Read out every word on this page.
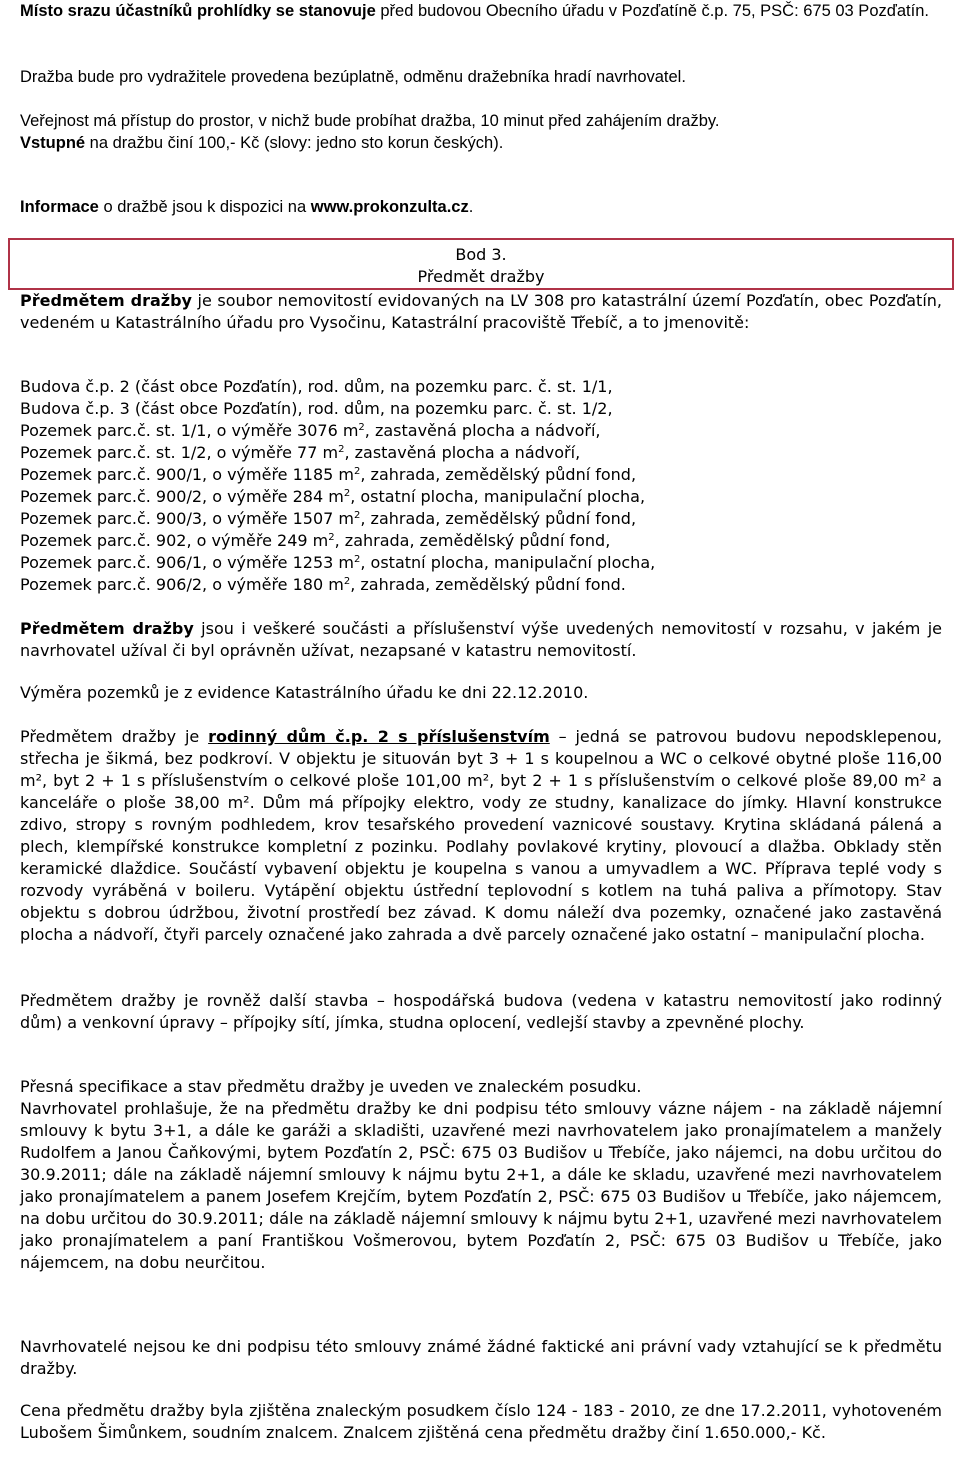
Místo srazu účastníků prohlídky se stanovuje před budovou Obecního úřadu v Pozďatíně č.p. 75, PSČ: 675 03 Pozďatín.

Dražba bude pro vydražitele provedena bezúplatně, odměnu dražebníka hradí navrhovatel.

Veřejnost má přístup do prostor, v nichž bude probíhat dražba, 10 minut před zahájením dražby.

Vstupné na dražbu činí 100,- Kč (slovy: jedno sto korun českých).

Informace o dražbě jsou k dispozici na www.prokonzulta.cz.

Bod 3.
Předmět dražby

Předmětem dražby je soubor nemovitostí evidovaných na LV 308 pro katastrální území Pozďatín, obec Pozďatín, vedeném u Katastrálního úřadu pro Vysočinu, Katastrální pracoviště Třebíč, a to jmenovitě:

Budova č.p. 2 (část obce Pozďatín), rod. dům, na pozemku parc. č. st. 1/1,

Budova č.p. 3 (část obce Pozďatín), rod. dům, na pozemku parc. č. st. 1/2,

Pozemek parc.č. st. 1/1, o výměře 3076 $m^2$, zastavěná plocha a nádvoří,

Pozemek parc.č. st. 1/2, o výměře 77 $m^2$, zastavěná plocha a nádvoří,

Pozemek parc.č. 900/1, o výměře 1185 $m^2$, zahrada, zemědělský půdní fond,

Pozemek parc.č. 900/2, o výměře 284 $m^2$, ostatní plocha, manipulační plocha,

Pozemek parc.č. 900/3, o výměře 1507 $m^2$, zahrada, zemědělský půdní fond,

Pozemek parc.č. 902, o výměře 249 $m^2$, zahrada, zemědělský půdní fond,

Pozemek parc.č. 906/1, o výměře 1253 $m^2$, ostatní plocha, manipulační plocha,

Pozemek parc.č. 906/2, o výměře 180 $m^2$, zahrada, zemědělský půdní fond.

Předmětem dražby jsou i veškeré součásti a příslušenství výše uvedených nemovitostí v rozsahu, v jakém je navrhovatel užíval či byl oprávněn užívat, nezapsané v katastru nemovitostí.

Výměra pozemků je z evidence Katastrálního úřadu ke dni 22.12.2010.

Předmětem dražby je rodinný dům č.p. 2 s příslušenstvím – jedná se patrovou budovu nepodsklepenou, střecha je šikmá, bez podkroví. V objektu je situován byt 3 + 1 s koupelnou a WC o celkové obytné ploše 116,00 m², byt 2 + 1 s příslušenstvím o celkové ploše 101,00 m², byt 2 + 1 s příslušenstvím o celkové ploše 89,00 m² a kanceláře o ploše 38,00 m². Dům má přípojky elektro, vody ze studny, kanalizace do jímky. Hlavní konstrukce zdivo, stropy s rovným podhledem, krov tesařského provedení vaznicové soustavy. Krytina skládaná pálená a plech, klempířské konstrukce kompletní z pozinku. Podlahy povlakové krytiny, plovoucí a dlažba. Obklady stěn keramické dlaždice. Součástí vybavení objektu je koupelna s vanou a umyvadlem a WC. Příprava teplé vody s rozvody vyráběná v boileru. Vytápění objektu ústřední teplovodní s kotlem na tuhá paliva a přímotopy. Stav objektu s dobrou údržbou, životní prostředí bez závad. K domu náleží dva pozemky, označené jako zastavěná plocha a nádvoří, čtyři parcely označené jako zahrada a dvě parcely označené jako ostatní – manipulační plocha.

Předmětem dražby je rovněž další stavba – hospodářská budova (vedena v katastru nemovitostí jako rodinný dům) a venkovní úpravy – přípojky sítí, jímka, studna oplocení, vedlejší stavby a zpevněné plochy.

Přesná specifikace a stav předmětu dražby je uveden ve znaleckém posudku.

Navrhovatel prohlašuje, že na předmětu dražby ke dni podpisu této smlouvy vázne nájem - na základě nájemní smlouvy k bytu 3+1, a dále ke garáži a skladišti, uzavřené mezi navrhovatelem jako pronajímatelem a manžely Rudolfem a Janou Čaňkovými, bytem Pozďatín 2, PSČ: 675 03 Budišov u Třebíče, jako nájemci, na dobu určitou do 30.9.2011; dále na základě nájemní smlouvy k nájmu bytu 2+1, a dále ke skladu, uzavřené mezi navrhovatelem jako pronajímatelem a panem Josefem Krejčím, bytem Pozďatín 2, PSČ: 675 03 Budišov u Třebíče, jako nájemcem, na dobu určitou do 30.9.2011; dále na základě nájemní smlouvy k nájmu bytu 2+1, uzavřené mezi navrhovatelem jako pronajímatelem a paní Františkou Vošmerovou, bytem Pozďatín 2, PSČ: 675 03 Budišov u Třebíče, jako nájemcem, na dobu neurčitou.

Navrhovatelé nejsou ke dni podpisu této smlouvy známé žádné faktické ani právní vady vztahující se k předmětu dražby.

Cena předmětu dražby byla zjištěna znaleckým posudkem číslo 124 - 183 - 2010, ze dne 17.2.2011, vyhotoveném Lubošem Šimůnkem, soudním znalcem. Znalcem zjištěná cena předmětu dražby činí 1.650.000,- Kč.
